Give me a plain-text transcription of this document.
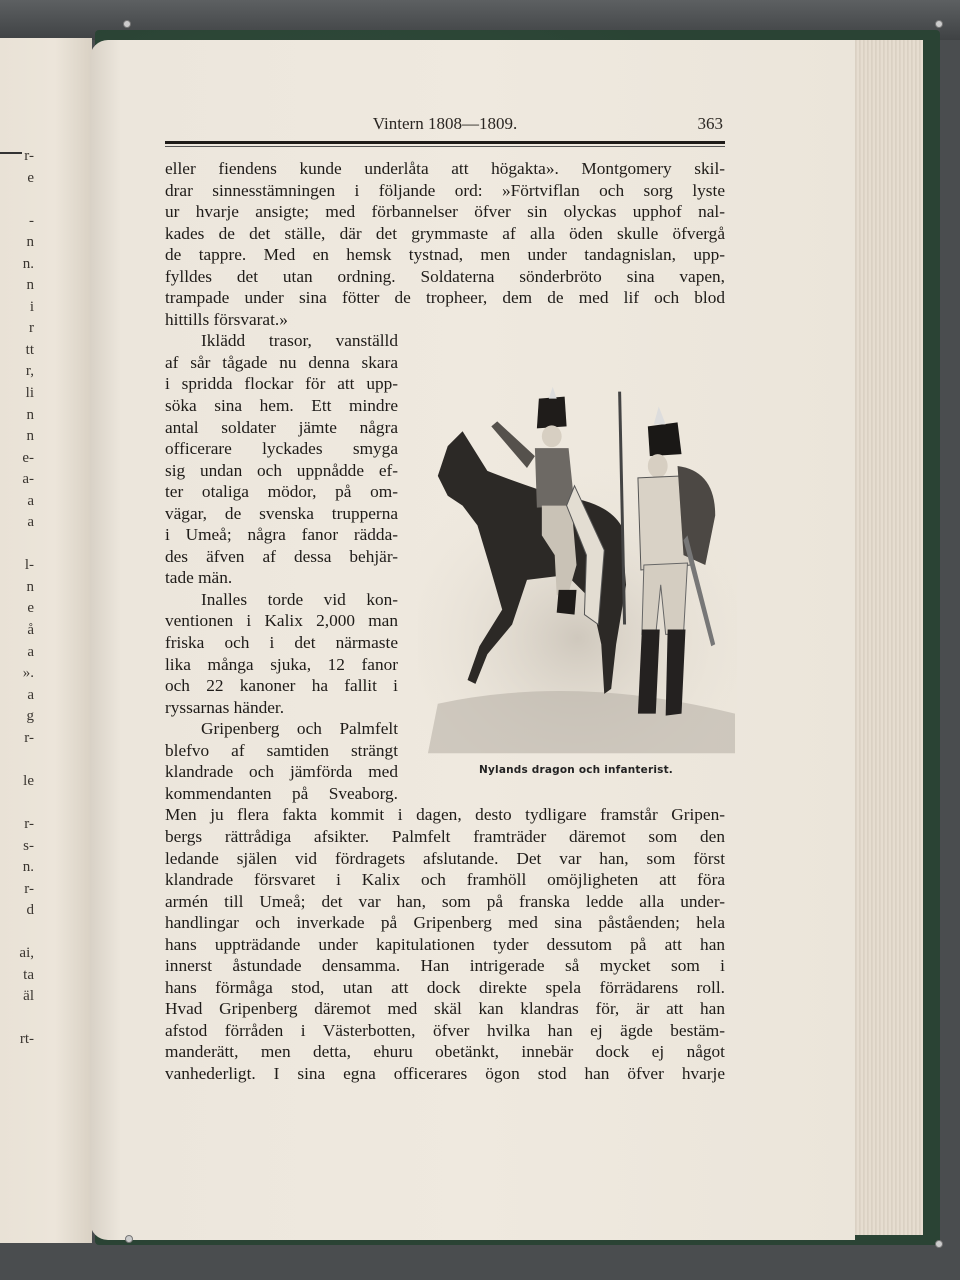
r-
e
-
n
n.
n
i
r
tt
r,
li
n
n
e-
a-
a
a
l-
n
e
å
a
».
a
g
r-
le
r-
s-
n.
r-
d
ai,
ta
äl
rt-
Vintern 1808—1809.	363
eller fiendens kunde underlåta att högakta». Montgomery skil-
drar sinnesstämningen i följande ord: »Förtviflan och sorg lyste
ur hvarje ansigte; med förbannelser öfver sin olyckas upphof nal-
kades de det ställe, där det grymmaste af alla öden skulle öfvergå
de tappre. Med en hemsk tystnad, men under tandagnislan, upp-
fylldes det utan ordning. Soldaterna sönderbröto sina vapen,
trampade under sina fötter de tropheer, dem de med lif och blod
hittills försvarat.»
Iklädd trasor, vanställd
af sår tågade nu denna skara
i spridda flockar för att upp-
söka sina hem. Ett mindre
antal soldater jämte några
officerare lyckades smyga
sig undan och uppnådde ef-
ter otaliga mödor, på om-
vägar, de svenska trupperna
i Umeå; några fanor rädda-
des äfven af dessa behjär-
tade män.
Inalles torde vid kon-
ventionen i Kalix 2,000 man
friska och i det närmaste
lika många sjuka, 12 fanor
och 22 kanoner ha fallit i
ryssarnas händer.
Gripenberg och Palmfelt
blefvo af samtiden strängt
klandrade och jämförda med
kommendanten på Sveaborg.
Men ju flera fakta kommit i dagen, desto tydligare framstår Gripen-
bergs rättrådiga afsikter. Palmfelt framträder däremot som den
ledande själen vid fördragets afslutande. Det var han, som först
klandrade försvaret i Kalix och framhöll omöjligheten att föra
armén till Umeå; det var han, som på franska ledde alla under-
handlingar och inverkade på Gripenberg med sina påståenden; hela
hans uppträdande under kapitulationen tyder dessutom på att han
innerst åstundade densamma. Han intrigerade så mycket som i
hans förmåga stod, utan att dock direkte spela förrädarens roll.
Hvad Gripenberg däremot med skäl kan klandras för, är att han
afstod förråden i Västerbotten, öfver hvilka han ej ägde bestäm-
manderätt, men detta, ehuru obetänkt, innebär dock ej något
vanhederligt. I sina egna officerares ögon stod han öfver hvarje
Nylands dragon och infanterist.
